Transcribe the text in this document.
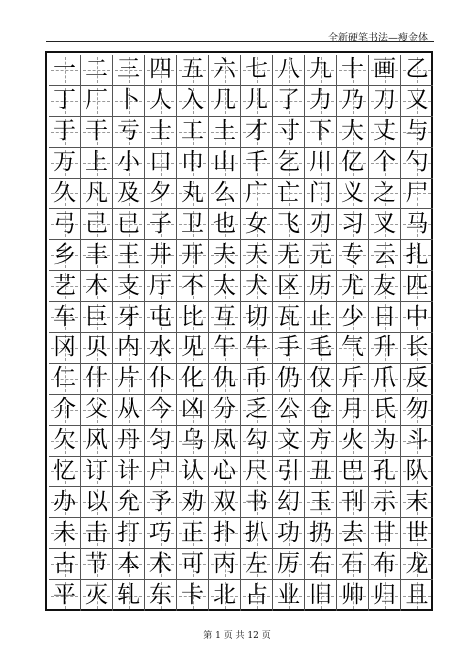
全新硬笔书法—瘦金体
一 二 三 四 五 六 七 八 九 十 画 乙
丁 厂 卜 人 入 几 儿 了 力 乃 刀 又
于 干 亏 士 工 土 才 寸 下 大 丈 与
万 上 小 口 巾 山 千 乞 川 亿 个 勺
久 凡 及 夕 丸 么 广 亡 门 义 之 尸
弓 己 已 子 卫 也 女 飞 刃 习 叉 马
乡 丰 王 井 开 夫 天 无 元 专 云 扎
艺 木 支 厅 不 太 犬 区 历 尤 友 匹
车 巨 牙 屯 比 互 切 瓦 止 少 日 中
冈 贝 内 水 见 午 牛 手 毛 气 升 长
仁 什 片 仆 化 仇 币 仍 仅 斤 爪 反
介 父 从 今 凶 分 乏 公 仓 月 氏 勿
欠 风 丹 匀 乌 凤 勾 文 方 火 为 斗
忆 订 计 户 认 心 尺 引 丑 巴 孔 队
办 以 允 予 劝 双 书 幻 玉 刊 示 末
未 击 打 巧 正 扑 扒 功 扔 去 甘 世
古 节 本 术 可 丙 左 厉 右 石 布 龙
平 灭 轧 东 卡 北 占 业 旧 帅 归 且
第 1 页 共 12 页
